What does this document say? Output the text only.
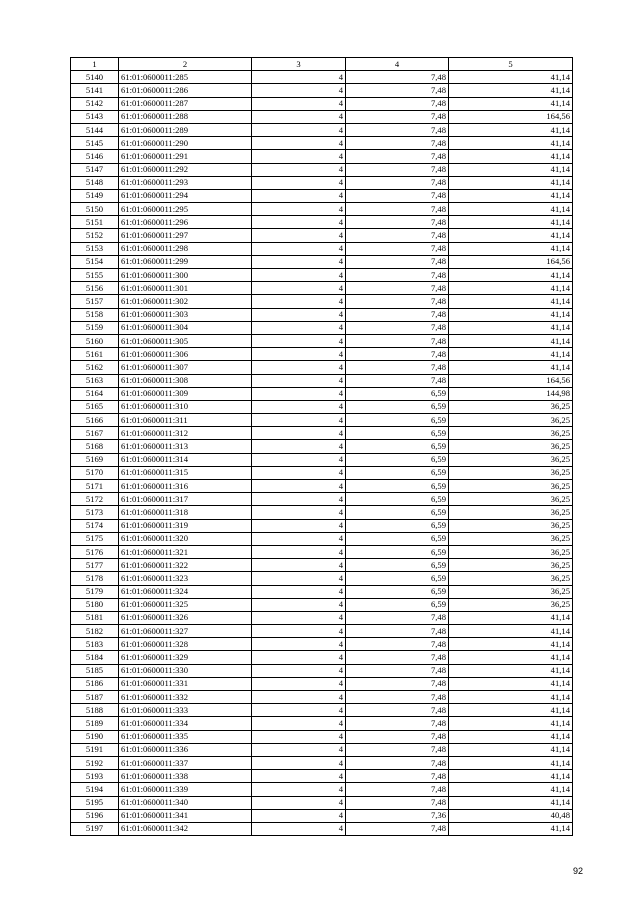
1	2	3	4	5
5140	61:01:0600011:285	4	7,48	41,14
5141	61:01:0600011:286	4	7,48	41,14
5142	61:01:0600011:287	4	7,48	41,14
5143	61:01:0600011:288	4	7,48	164,56
5144	61:01:0600011:289	4	7,48	41,14
5145	61:01:0600011:290	4	7,48	41,14
5146	61:01:0600011:291	4	7,48	41,14
5147	61:01:0600011:292	4	7,48	41,14
5148	61:01:0600011:293	4	7,48	41,14
5149	61:01:0600011:294	4	7,48	41,14
5150	61:01:0600011:295	4	7,48	41,14
5151	61:01:0600011:296	4	7,48	41,14
5152	61:01:0600011:297	4	7,48	41,14
5153	61:01:0600011:298	4	7,48	41,14
5154	61:01:0600011:299	4	7,48	164,56
5155	61:01:0600011:300	4	7,48	41,14
5156	61:01:0600011:301	4	7,48	41,14
5157	61:01:0600011:302	4	7,48	41,14
5158	61:01:0600011:303	4	7,48	41,14
5159	61:01:0600011:304	4	7,48	41,14
5160	61:01:0600011:305	4	7,48	41,14
5161	61:01:0600011:306	4	7,48	41,14
5162	61:01:0600011:307	4	7,48	41,14
5163	61:01:0600011:308	4	7,48	164,56
5164	61:01:0600011:309	4	6,59	144,98
5165	61:01:0600011:310	4	6,59	36,25
5166	61:01:0600011:311	4	6,59	36,25
5167	61:01:0600011:312	4	6,59	36,25
5168	61:01:0600011:313	4	6,59	36,25
5169	61:01:0600011:314	4	6,59	36,25
5170	61:01:0600011:315	4	6,59	36,25
5171	61:01:0600011:316	4	6,59	36,25
5172	61:01:0600011:317	4	6,59	36,25
5173	61:01:0600011:318	4	6,59	36,25
5174	61:01:0600011:319	4	6,59	36,25
5175	61:01:0600011:320	4	6,59	36,25
5176	61:01:0600011:321	4	6,59	36,25
5177	61:01:0600011:322	4	6,59	36,25
5178	61:01:0600011:323	4	6,59	36,25
5179	61:01:0600011:324	4	6,59	36,25
5180	61:01:0600011:325	4	6,59	36,25
5181	61:01:0600011:326	4	7,48	41,14
5182	61:01:0600011:327	4	7,48	41,14
5183	61:01:0600011:328	4	7,48	41,14
5184	61:01:0600011:329	4	7,48	41,14
5185	61:01:0600011:330	4	7,48	41,14
5186	61:01:0600011:331	4	7,48	41,14
5187	61:01:0600011:332	4	7,48	41,14
5188	61:01:0600011:333	4	7,48	41,14
5189	61:01:0600011:334	4	7,48	41,14
5190	61:01:0600011:335	4	7,48	41,14
5191	61:01:0600011:336	4	7,48	41,14
5192	61:01:0600011:337	4	7,48	41,14
5193	61:01:0600011:338	4	7,48	41,14
5194	61:01:0600011:339	4	7,48	41,14
5195	61:01:0600011:340	4	7,48	41,14
5196	61:01:0600011:341	4	7,36	40,48
5197	61:01:0600011:342	4	7,48	41,14
92
